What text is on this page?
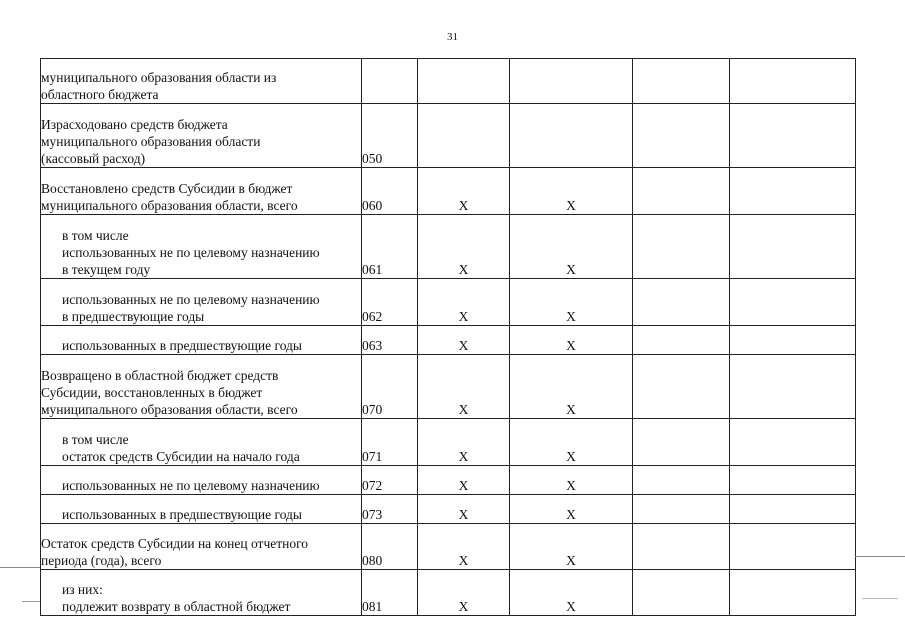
31
муниципального образования области из
областного бюджета					

Израсходовано средств бюджета
муниципального образования области
(кассовый расход)	050				

Восстановлено средств Субсидии в бюджет
муниципального образования области, всего	060	X	X		

в том числе
использованных не по целевому назначению
в текущем году	061	X	X		

использованных не по целевому назначению
в предшествующие годы	062	X	X		

использованных в предшествующие годы	063	X	X		

Возвращено в областной бюджет средств
Субсидии, восстановленных в бюджет
муниципального образования области, всего	070	X	X		

в том числе
остаток средств Субсидии на начало года	071	X	X		

использованных не по целевому назначению	072	X	X		

использованных в предшествующие годы	073	X	X		

Остаток средств Субсидии на конец отчетного
периода (года), всего	080	X	X		

из них:
подлежит возврату в областной бюджет	081	X	X		
